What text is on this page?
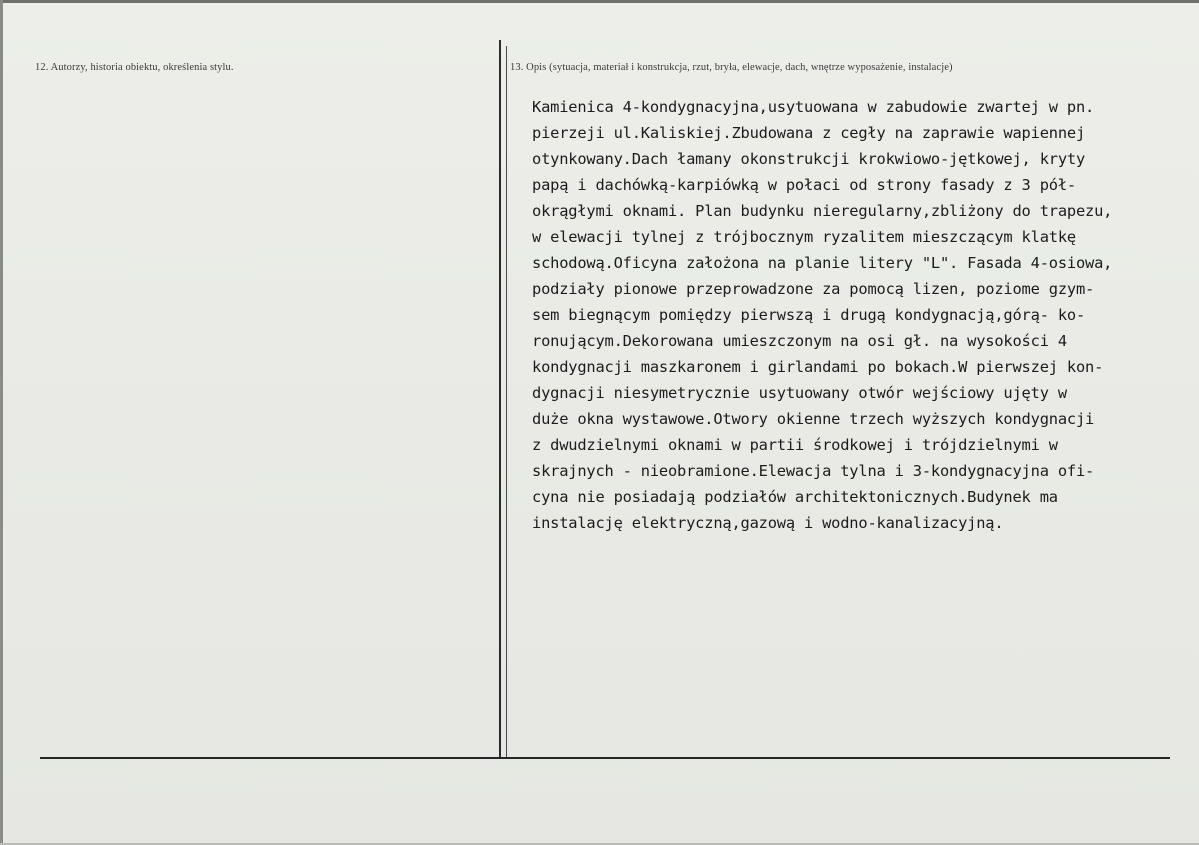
12. Autorzy, historia obiektu, określenia stylu.	13. Opis (sytuacja, materiał i konstrukcja, rzut, bryła, elewacje, dach, wnętrze wyposażenie, instalacje)
Kamienica 4-kondygnacyjna,usytuowana w zabudowie zwartej w pn.
pierzeji ul.Kaliskiej.Zbudowana z cegły na zaprawie wapiennej
otynkowany.Dach łamany okonstrukcji krokwiowo-jętkowej, kryty
papą i dachówką-karpiówką w połaci od strony fasady z 3 pół-
okrągłymi oknami. Plan budynku nieregularny,zbliżony do trapezu,
w elewacji tylnej z trójbocznym ryzalitem mieszczącym klatkę
schodową.Oficyna założona na planie litery "L". Fasada 4-osiowa,
podziały pionowe przeprowadzone za pomocą lizen, poziome gzym-
sem biegnącym pomiędzy pierwszą i drugą kondygnacją,górą- ko-
ronującym.Dekorowana umieszczonym na osi gł. na wysokości 4
kondygnacji maszkaronem i girlandami po bokach.W pierwszej kon-
dygnacji niesymetrycznie usytuowany otwór wejściowy ujęty w
duże okna wystawowe.Otwory okienne trzech wyższych kondygnacji
z dwudzielnymi oknami w partii środkowej i trójdzielnymi w
skrajnych - nieobramione.Elewacja tylna i 3-kondygnacyjna ofi-
cyna nie posiadają podziałów architektonicznych.Budynek ma
instalację elektryczną,gazową i wodno-kanalizacyjną.
